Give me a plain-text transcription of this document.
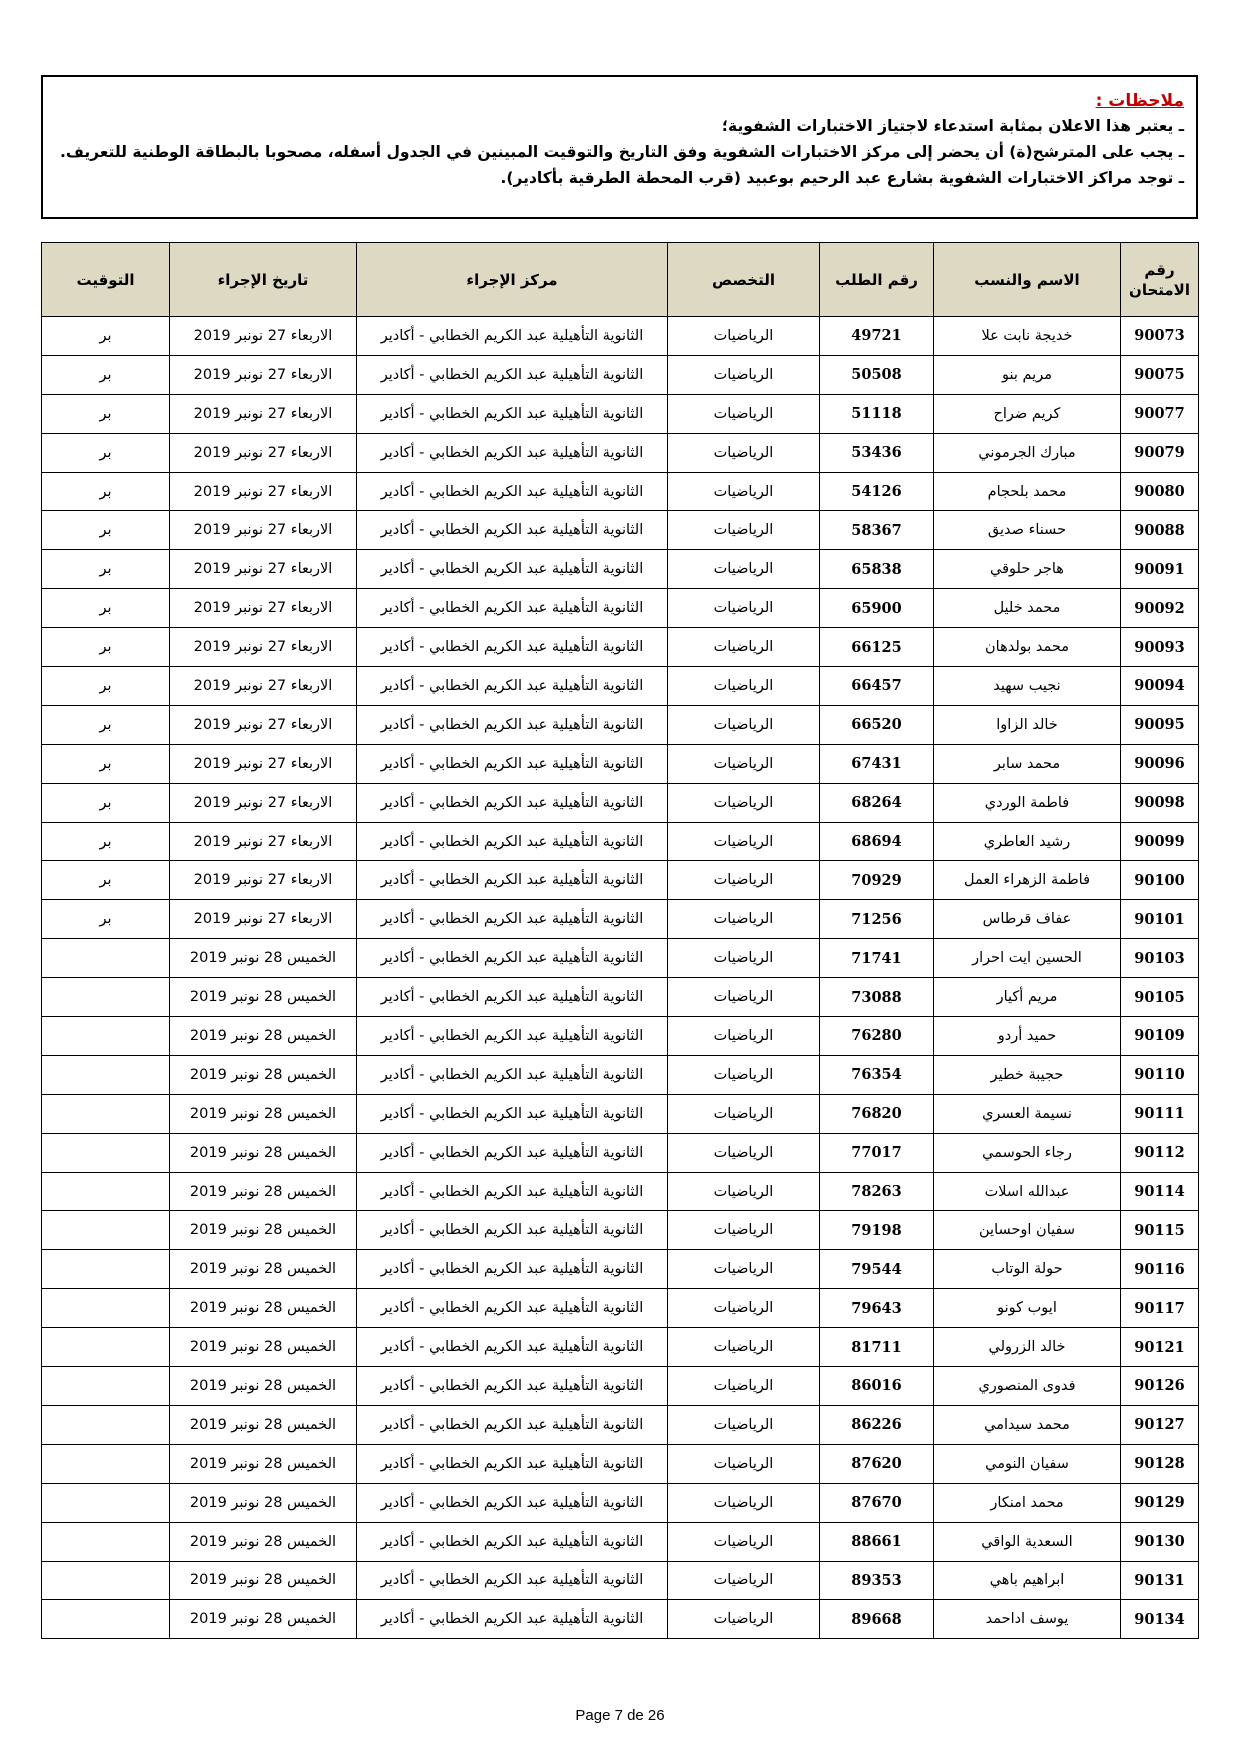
ملاحظات :
ـ يعتبر هذا الاعلان بمثابة استدعاء لاجتياز الاختبارات الشفوية؛
ـ يجب على المترشح(ة) أن يحضر إلى مركز الاختبارات الشفوية وفق التاريخ والتوقيت المبينين في الجدول أسفله، مصحوبا بالبطاقة الوطنية للتعريف.
ـ توجد مراكز الاختبارات الشفوية بشارع عبد الرحيم بوعبيد (قرب المحطة الطرقية بأكادير).
رقم الامتحان	الاسم والنسب	رقم الطلب	التخصص	مركز الإجراء	تاريخ الإجراء	التوقيت
90073	خديجة نابت علا	49721	الرياضيات	الثانوية التأهيلية عبد الكريم الخطابي - أكادير	الاربعاء 27 نونبر 2019	بر
90075	مريم بنو	50508	الرياضيات	الثانوية التأهيلية عبد الكريم الخطابي - أكادير	الاربعاء 27 نونبر 2019	بر
90077	كريم ضراح	51118	الرياضيات	الثانوية التأهيلية عبد الكريم الخطابي - أكادير	الاربعاء 27 نونبر 2019	بر
90079	مبارك الجرموني	53436	الرياضيات	الثانوية التأهيلية عبد الكريم الخطابي - أكادير	الاربعاء 27 نونبر 2019	بر
90080	محمد بلحجام	54126	الرياضيات	الثانوية التأهيلية عبد الكريم الخطابي - أكادير	الاربعاء 27 نونبر 2019	بر
90088	حسناء صديق	58367	الرياضيات	الثانوية التأهيلية عبد الكريم الخطابي - أكادير	الاربعاء 27 نونبر 2019	بر
90091	هاجر حلوقي	65838	الرياضيات	الثانوية التأهيلية عبد الكريم الخطابي - أكادير	الاربعاء 27 نونبر 2019	بر
90092	محمد خليل	65900	الرياضيات	الثانوية التأهيلية عبد الكريم الخطابي - أكادير	الاربعاء 27 نونبر 2019	بر
90093	محمد بولدهان	66125	الرياضيات	الثانوية التأهيلية عبد الكريم الخطابي - أكادير	الاربعاء 27 نونبر 2019	بر
90094	نجيب سهيد	66457	الرياضيات	الثانوية التأهيلية عبد الكريم الخطابي - أكادير	الاربعاء 27 نونبر 2019	بر
90095	خالد الزاوا	66520	الرياضيات	الثانوية التأهيلية عبد الكريم الخطابي - أكادير	الاربعاء 27 نونبر 2019	بر
90096	محمد سابر	67431	الرياضيات	الثانوية التأهيلية عبد الكريم الخطابي - أكادير	الاربعاء 27 نونبر 2019	بر
90098	فاطمة الوردي	68264	الرياضيات	الثانوية التأهيلية عبد الكريم الخطابي - أكادير	الاربعاء 27 نونبر 2019	بر
90099	رشيد العاطري	68694	الرياضيات	الثانوية التأهيلية عبد الكريم الخطابي - أكادير	الاربعاء 27 نونبر 2019	بر
90100	فاطمة الزهراء العمل	70929	الرياضيات	الثانوية التأهيلية عبد الكريم الخطابي - أكادير	الاربعاء 27 نونبر 2019	بر
90101	عفاف قرطاس	71256	الرياضيات	الثانوية التأهيلية عبد الكريم الخطابي - أكادير	الاربعاء 27 نونبر 2019	بر
90103	الحسين ايت احرار	71741	الرياضيات	الثانوية التأهيلية عبد الكريم الخطابي - أكادير	الخميس 28 نونبر 2019	
90105	مريم أكيار	73088	الرياضيات	الثانوية التأهيلية عبد الكريم الخطابي - أكادير	الخميس 28 نونبر 2019	
90109	حميد أردو	76280	الرياضيات	الثانوية التأهيلية عبد الكريم الخطابي - أكادير	الخميس 28 نونبر 2019	
90110	حجيبة خطير	76354	الرياضيات	الثانوية التأهيلية عبد الكريم الخطابي - أكادير	الخميس 28 نونبر 2019	
90111	نسيمة العسري	76820	الرياضيات	الثانوية التأهيلية عبد الكريم الخطابي - أكادير	الخميس 28 نونبر 2019	
90112	رجاء الحوسمي	77017	الرياضيات	الثانوية التأهيلية عبد الكريم الخطابي - أكادير	الخميس 28 نونبر 2019	
90114	عبدالله اسلات	78263	الرياضيات	الثانوية التأهيلية عبد الكريم الخطابي - أكادير	الخميس 28 نونبر 2019	
90115	سفيان اوحساين	79198	الرياضيات	الثانوية التأهيلية عبد الكريم الخطابي - أكادير	الخميس 28 نونبر 2019	
90116	حولة الوتاب	79544	الرياضيات	الثانوية التأهيلية عبد الكريم الخطابي - أكادير	الخميس 28 نونبر 2019	
90117	ايوب كونو	79643	الرياضيات	الثانوية التأهيلية عبد الكريم الخطابي - أكادير	الخميس 28 نونبر 2019	
90121	خالد الزرولي	81711	الرياضيات	الثانوية التأهيلية عبد الكريم الخطابي - أكادير	الخميس 28 نونبر 2019	
90126	فدوى المنصوري	86016	الرياضيات	الثانوية التأهيلية عبد الكريم الخطابي - أكادير	الخميس 28 نونبر 2019	
90127	محمد سيدامي	86226	الرياضيات	الثانوية التأهيلية عبد الكريم الخطابي - أكادير	الخميس 28 نونبر 2019	
90128	سفيان النومي	87620	الرياضيات	الثانوية التأهيلية عبد الكريم الخطابي - أكادير	الخميس 28 نونبر 2019	
90129	محمد امنكار	87670	الرياضيات	الثانوية التأهيلية عبد الكريم الخطابي - أكادير	الخميس 28 نونبر 2019	
90130	السعدية الواقي	88661	الرياضيات	الثانوية التأهيلية عبد الكريم الخطابي - أكادير	الخميس 28 نونبر 2019	
90131	ابراهيم باهي	89353	الرياضيات	الثانوية التأهيلية عبد الكريم الخطابي - أكادير	الخميس 28 نونبر 2019	
90134	يوسف اداحمد	89668	الرياضيات	الثانوية التأهيلية عبد الكريم الخطابي - أكادير	الخميس 28 نونبر 2019	
Page 7 de 26
